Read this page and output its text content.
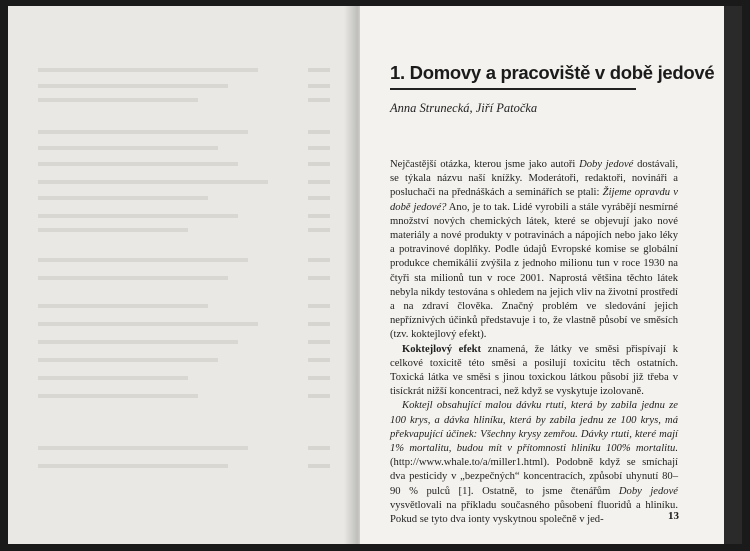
1. Domovy a pracoviště v době jedové

Anna Strunecká, Jiří Patočka

Nejčastější otázka, kterou jsme jako autoři Doby jedové dostávali, se týkala názvu naší knížky. Moderátoři, redaktoři, novináři a posluchači na přednáškách a seminářích se ptali: Žijeme opravdu v době jedové? Ano, je to tak. Lidé vyrobili a stále vyrábějí nesmírné množství nových chemických látek, které se objevují jako nové materiály a nové produkty v potravinách a nápojích nebo jako léky a potravinové doplňky. Podle údajů Evropské komise se globální produkce chemikálií zvýšila z jednoho milionu tun v roce 1930 na čtyři sta milionů tun v roce 2001. Naprostá většina těchto látek nebyla nikdy testována s ohledem na jejich vliv na životní prostředí a na zdraví člověka. Značný problém ve sledování jejich nepříznivých účinků představuje i to, že vlastně působí ve směsích (tzv. koktejlový efekt).

Koktejlový efekt znamená, že látky ve směsi přispívají k celkové toxicitě této směsi a posilují toxicitu těch ostatních. Toxická látka ve směsi s jinou toxickou látkou působí již třeba v tisíckrát nižší koncentraci, než když se vyskytuje izolovaně.

Koktejl obsahující malou dávku rtuti, která by zabila jednu ze 100 krys, a dávka hliníku, která by zabila jednu ze 100 krys, má překvapující účinek: Všechny krysy zemřou. Dávky rtuti, které mají 1% mortalitu, budou mít v přítomnosti hliníku 100% mortalitu. (http://www.whale.to/a/miller1.html). Podobně když se smíchají dva pesticidy v „bezpečných“ koncentracích, způsobí uhynutí 80–90 % pulců [1]. Ostatně, to jsme čtenářům Doby jedové vysvětlovali na příkladu současného působení fluoridů a hliníku. Pokud se tyto dva ionty vyskytnou společně v jed-	13
